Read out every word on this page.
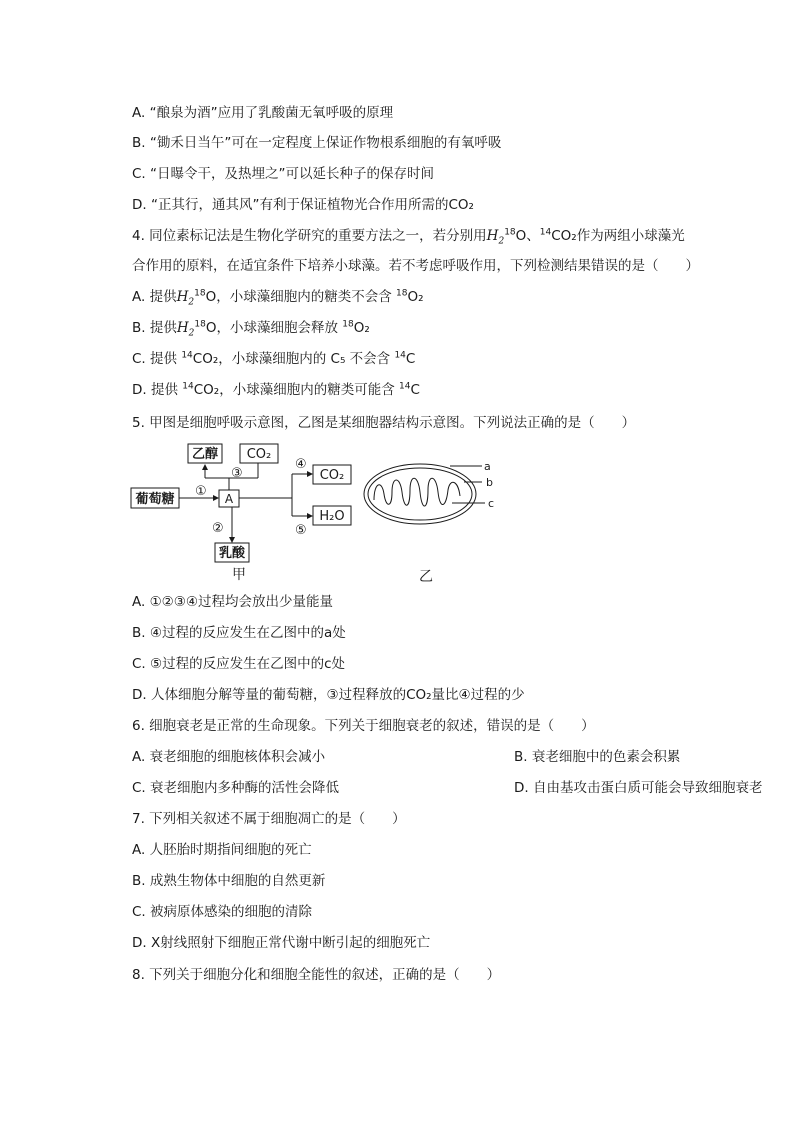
A. “酿泉为酒”应用了乳酸菌无氧呼吸的原理
B. “锄禾日当午”可在一定程度上保证作物根系细胞的有氧呼吸
C. “日曝令干，及热埋之”可以延长种子的保存时间
D. “正其行，通其风”有利于保证植物光合作用所需的CO₂
4. 同位素标记法是生物化学研究的重要方法之一，若分别用$H_2^{18}O$、$^{14}$CO₂作为两组小球藻光
合作用的原料，在适宜条件下培养小球藻。若不考虑呼吸作用，下列检测结果错误的是（　　）
A. 提供$H_2^{18}O$，小球藻细胞内的糖类不会含 $^{18}$O₂
B. 提供$H_2^{18}O$，小球藻细胞会释放 $^{18}$O₂
C. 提供 $^{14}$CO₂，小球藻细胞内的 C₅ 不会含 $^{14}$C
D. 提供 $^{14}$CO₂，小球藻细胞内的糖类可能含 $^{14}$C
5. 甲图是细胞呼吸示意图，乙图是某细胞器结构示意图。下列说法正确的是（　　）
葡萄糖
乙醇 CO₂
A
乳酸
CO₂
H₂O
①
②
③
④
⑤
甲	乙
a
b
c
A. ①②③④过程均会放出少量能量
B. ④过程的反应发生在乙图中的a处
C. ⑤过程的反应发生在乙图中的c处
D. 人体细胞分解等量的葡萄糖，③过程释放的CO₂量比④过程的少
6. 细胞衰老是正常的生命现象。下列关于细胞衰老的叙述，错误的是（　　）
A. 衰老细胞的细胞核体积会减小	B. 衰老细胞中的色素会积累
C. 衰老细胞内多种酶的活性会降低	D. 自由基攻击蛋白质可能会导致细胞衰老
7. 下列相关叙述不属于细胞凋亡的是（　　）
A. 人胚胎时期指间细胞的死亡
B. 成熟生物体中细胞的自然更新
C. 被病原体感染的细胞的清除
D. X射线照射下细胞正常代谢中断引起的细胞死亡
8. 下列关于细胞分化和细胞全能性的叙述，正确的是（　　）
